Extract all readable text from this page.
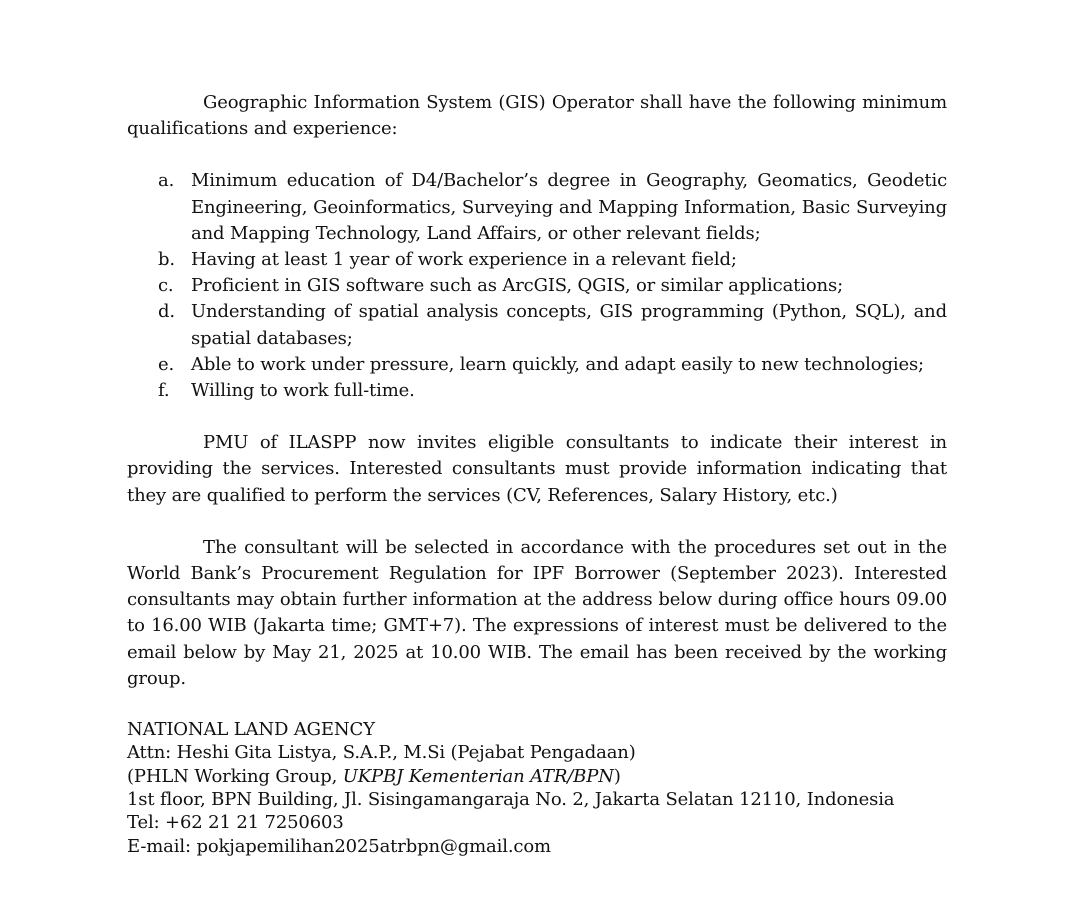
Geographic Information System (GIS) Operator shall have the following minimum qualifications and experience:

a. Minimum education of D4/Bachelor’s degree in Geography, Geomatics, Geodetic Engineering, Geoinformatics, Surveying and Mapping Information, Basic Surveying and Mapping Technology, Land Affairs, or other relevant fields;
b. Having at least 1 year of work experience in a relevant field;
c. Proficient in GIS software such as ArcGIS, QGIS, or similar applications;
d. Understanding of spatial analysis concepts, GIS programming (Python, SQL), and spatial databases;
e. Able to work under pressure, learn quickly, and adapt easily to new technologies;
f. Willing to work full-time.

PMU of ILASPP now invites eligible consultants to indicate their interest in providing the services. Interested consultants must provide information indicating that they are qualified to perform the services (CV, References, Salary History, etc.)

The consultant will be selected in accordance with the procedures set out in the World Bank’s Procurement Regulation for IPF Borrower (September 2023). Interested consultants may obtain further information at the address below during office hours 09.00 to 16.00 WIB (Jakarta time; GMT+7). The expressions of interest must be delivered to the email below by May 21, 2025 at 10.00 WIB. The email has been received by the working group.

NATIONAL LAND AGENCY
Attn: Heshi Gita Listya, S.A.P., M.Si (Pejabat Pengadaan)
(PHLN Working Group, UKPBJ Kementerian ATR/BPN)
1st floor, BPN Building, Jl. Sisingamangaraja No. 2, Jakarta Selatan 12110, Indonesia
Tel: +62 21 21 7250603
E-mail: pokjapemilihan2025atrbpn@gmail.com
